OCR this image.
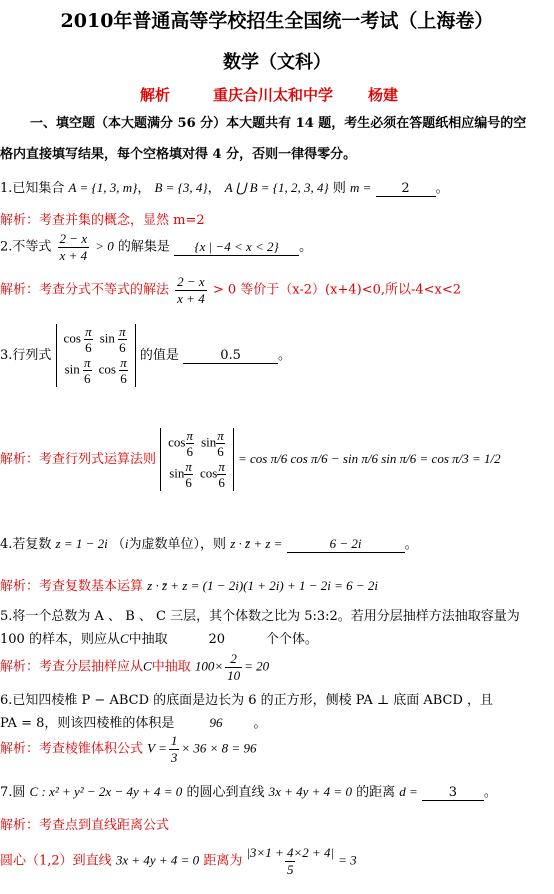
2010年普通高等学校招生全国统一考试（上海卷）
数学（文科）
解析	重庆合川太和中学 杨建
一、填空题（本大题满分 56 分）本大题共有 14 题，考生必须在答题纸相应编号的空
格内直接填写结果，每个空格填对得 4 分，否则一律得零分。
1.已知集合 A = {1, 3, m}， B = {3, 4}， A ⋃ B = {1, 2, 3, 4} 则 m = 2 。
解析：考查并集的概念，显然 m=2
2.不等式 $\frac{2 - x}{x + 4} > 0$ 的解集是 {x | −4 < x < 2} 。
解析：考查分式不等式的解法 $\frac{2 - x}{x + 4} > 0$ 等价于（x-2）(x+4)<0,所以-4<x<2
3.行列式
$\cos \frac{\pi}{6}$	$\sin \frac{\pi}{6}$

$\sin \frac{\pi}{6}$	$\cos \frac{\pi}{6}$
的值是	0.5	。
解析：考查行列式运算法则
$\cos \frac{\pi}{6}$	$\sin \frac{\pi}{6}$

$\sin \frac{\pi}{6}$	$\cos \frac{\pi}{6}$
= cos π/6 cos π/6 − sin π/6 sin π/6 = cos π/3 = 1/2
4.若复数 z = 1 − 2i （i为虚数单位），则 z · z̄ + z =	6 − 2i	。
解析：考查复数基本运算 z · z̄ + z = (1 − 2i)(1 + 2i) + 1 − 2i = 6 − 2i
5.将一个总数为 A 、 B 、 C 三层，其个体数之比为 5:3:2。若用分层抽样方法抽取容量为
100 的样本，则应从C中抽取	20	个个体。
解析：考查分层抽样应从C中抽取 $100\times \frac{2}{10} = 20$
6.已知四棱椎 P − ABCD 的底面是边长为 6 的正方形，侧棱 PA ⊥ 底面 ABCD ，且
PA = 8，则该四棱椎的体积是	96 。
解析：考查棱锥体积公式 $V = \frac{1}{3} \times 36 \times 8 = 96$
7.圆 C : x² + y² − 2x − 4y + 4 = 0 的圆心到直线 3x + 4y + 4 = 0 的距离 d = 3 。
解析：考查点到直线距离公式
圆心（1,2）到直线 3x + 4y + 4 = 0 距离为 $\frac{|3\times 1 + 4\times 2 + 4|}{5} = 3$
